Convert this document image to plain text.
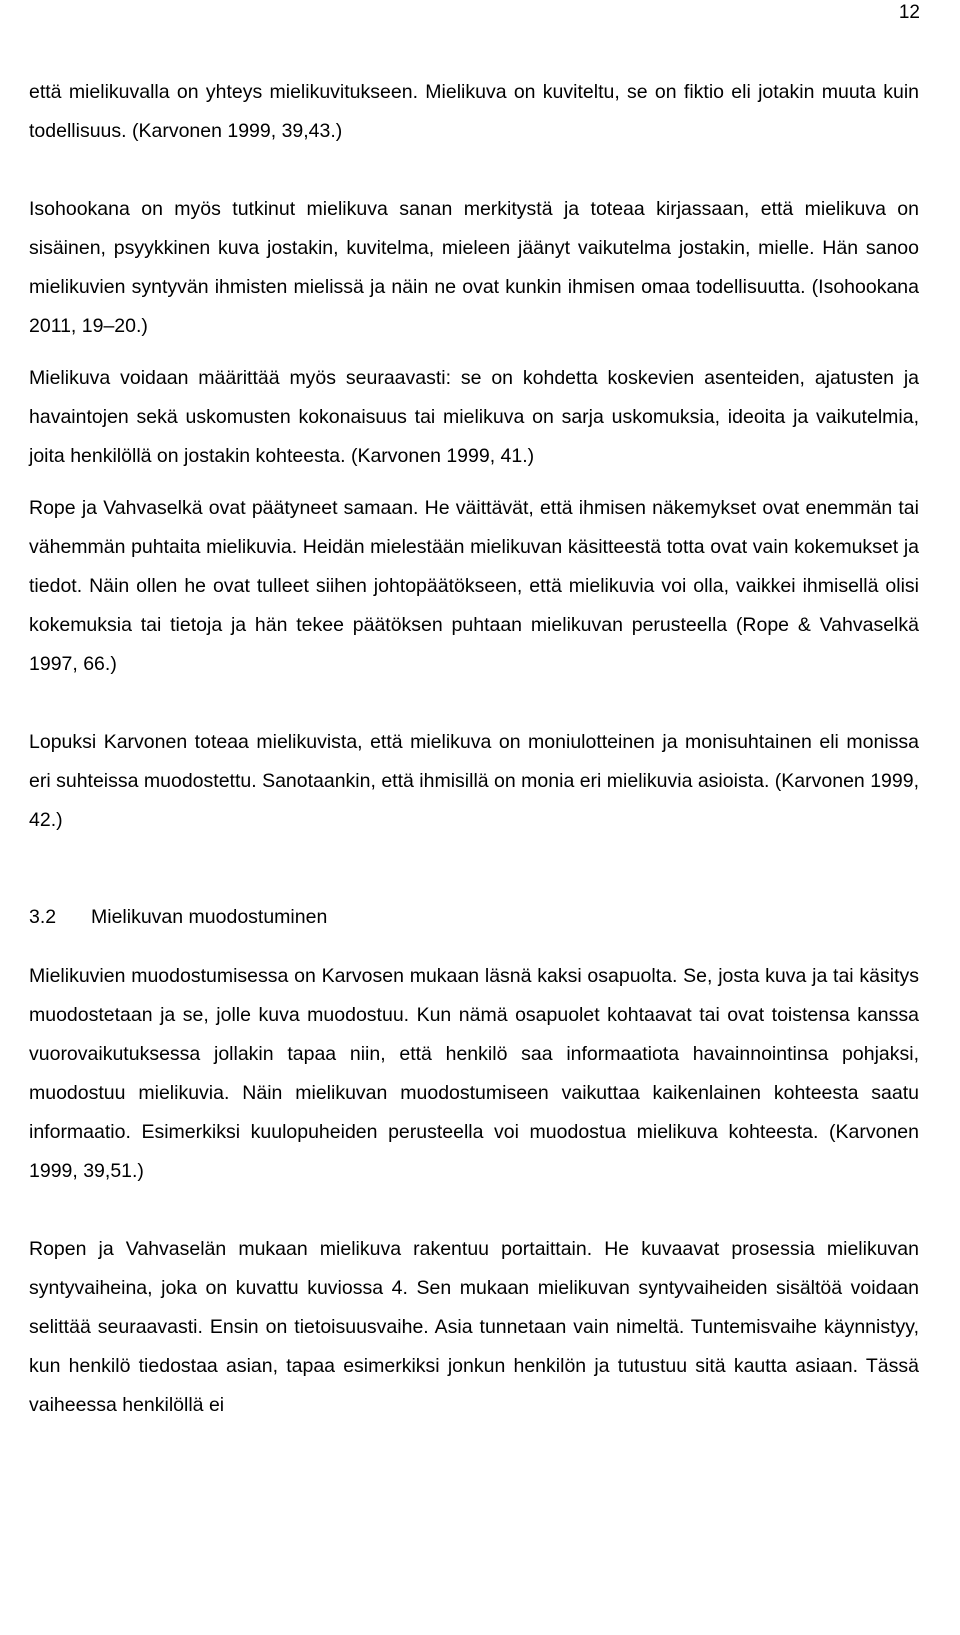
12

että mielikuvalla on yhteys mielikuvitukseen. Mielikuva on kuviteltu, se on fiktio eli jotakin muuta kuin todellisuus. (Karvonen 1999, 39,43.)

Isohookana on myös tutkinut mielikuva sanan merkitystä ja toteaa kirjassaan, että mielikuva on sisäinen, psyykkinen kuva jostakin, kuvitelma, mieleen jäänyt vaikutelma jostakin, mielle. Hän sanoo mielikuvien syntyvän ihmisten mielissä ja näin ne ovat kunkin ihmisen omaa todellisuutta. (Isohookana 2011, 19–20.)

Mielikuva voidaan määrittää myös seuraavasti: se on kohdetta koskevien asenteiden, ajatusten ja havaintojen sekä uskomusten kokonaisuus tai mielikuva on sarja uskomuksia, ideoita ja vaikutelmia, joita henkilöllä on jostakin kohteesta. (Karvonen 1999, 41.)

Rope ja Vahvaselkä ovat päätyneet samaan. He väittävät, että ihmisen näkemykset ovat enemmän tai vähemmän puhtaita mielikuvia. Heidän mielestään mielikuvan käsitteestä totta ovat vain kokemukset ja tiedot. Näin ollen he ovat tulleet siihen johtopäätökseen, että mielikuvia voi olla, vaikkei ihmisellä olisi kokemuksia tai tietoja ja hän tekee päätöksen puhtaan mielikuvan perusteella (Rope & Vahvaselkä 1997, 66.)

Lopuksi Karvonen toteaa mielikuvista, että mielikuva on moniulotteinen ja monisuhtainen eli monissa eri suhteissa muodostettu. Sanotaankin, että ihmisillä on monia eri mielikuvia asioista. (Karvonen 1999, 42.)

3.2 Mielikuvan muodostuminen

Mielikuvien muodostumisessa on Karvosen mukaan läsnä kaksi osapuolta. Se, josta kuva ja tai käsitys muodostetaan ja se, jolle kuva muodostuu. Kun nämä osapuolet kohtaavat tai ovat toistensa kanssa vuorovaikutuksessa jollakin tapaa niin, että henkilö saa informaatiota havainnointinsa pohjaksi, muodostuu mielikuvia. Näin mielikuvan muodostumiseen vaikuttaa kaikenlainen kohteesta saatu informaatio. Esimerkiksi kuulopuheiden perusteella voi muodostua mielikuva kohteesta. (Karvonen 1999, 39,51.)

Ropen ja Vahvaselän mukaan mielikuva rakentuu portaittain. He kuvaavat prosessia mielikuvan syntyvaiheina, joka on kuvattu kuviossa 4. Sen mukaan mielikuvan syntyvaiheiden sisältöä voidaan selittää seuraavasti. Ensin on tietoisuusvaihe. Asia tunnetaan vain nimeltä. Tuntemisvaihe käynnistyy, kun henkilö tiedostaa asian, tapaa esimerkiksi jonkun henkilön ja tutustuu sitä kautta asiaan. Tässä vaiheessa henkilöllä ei
